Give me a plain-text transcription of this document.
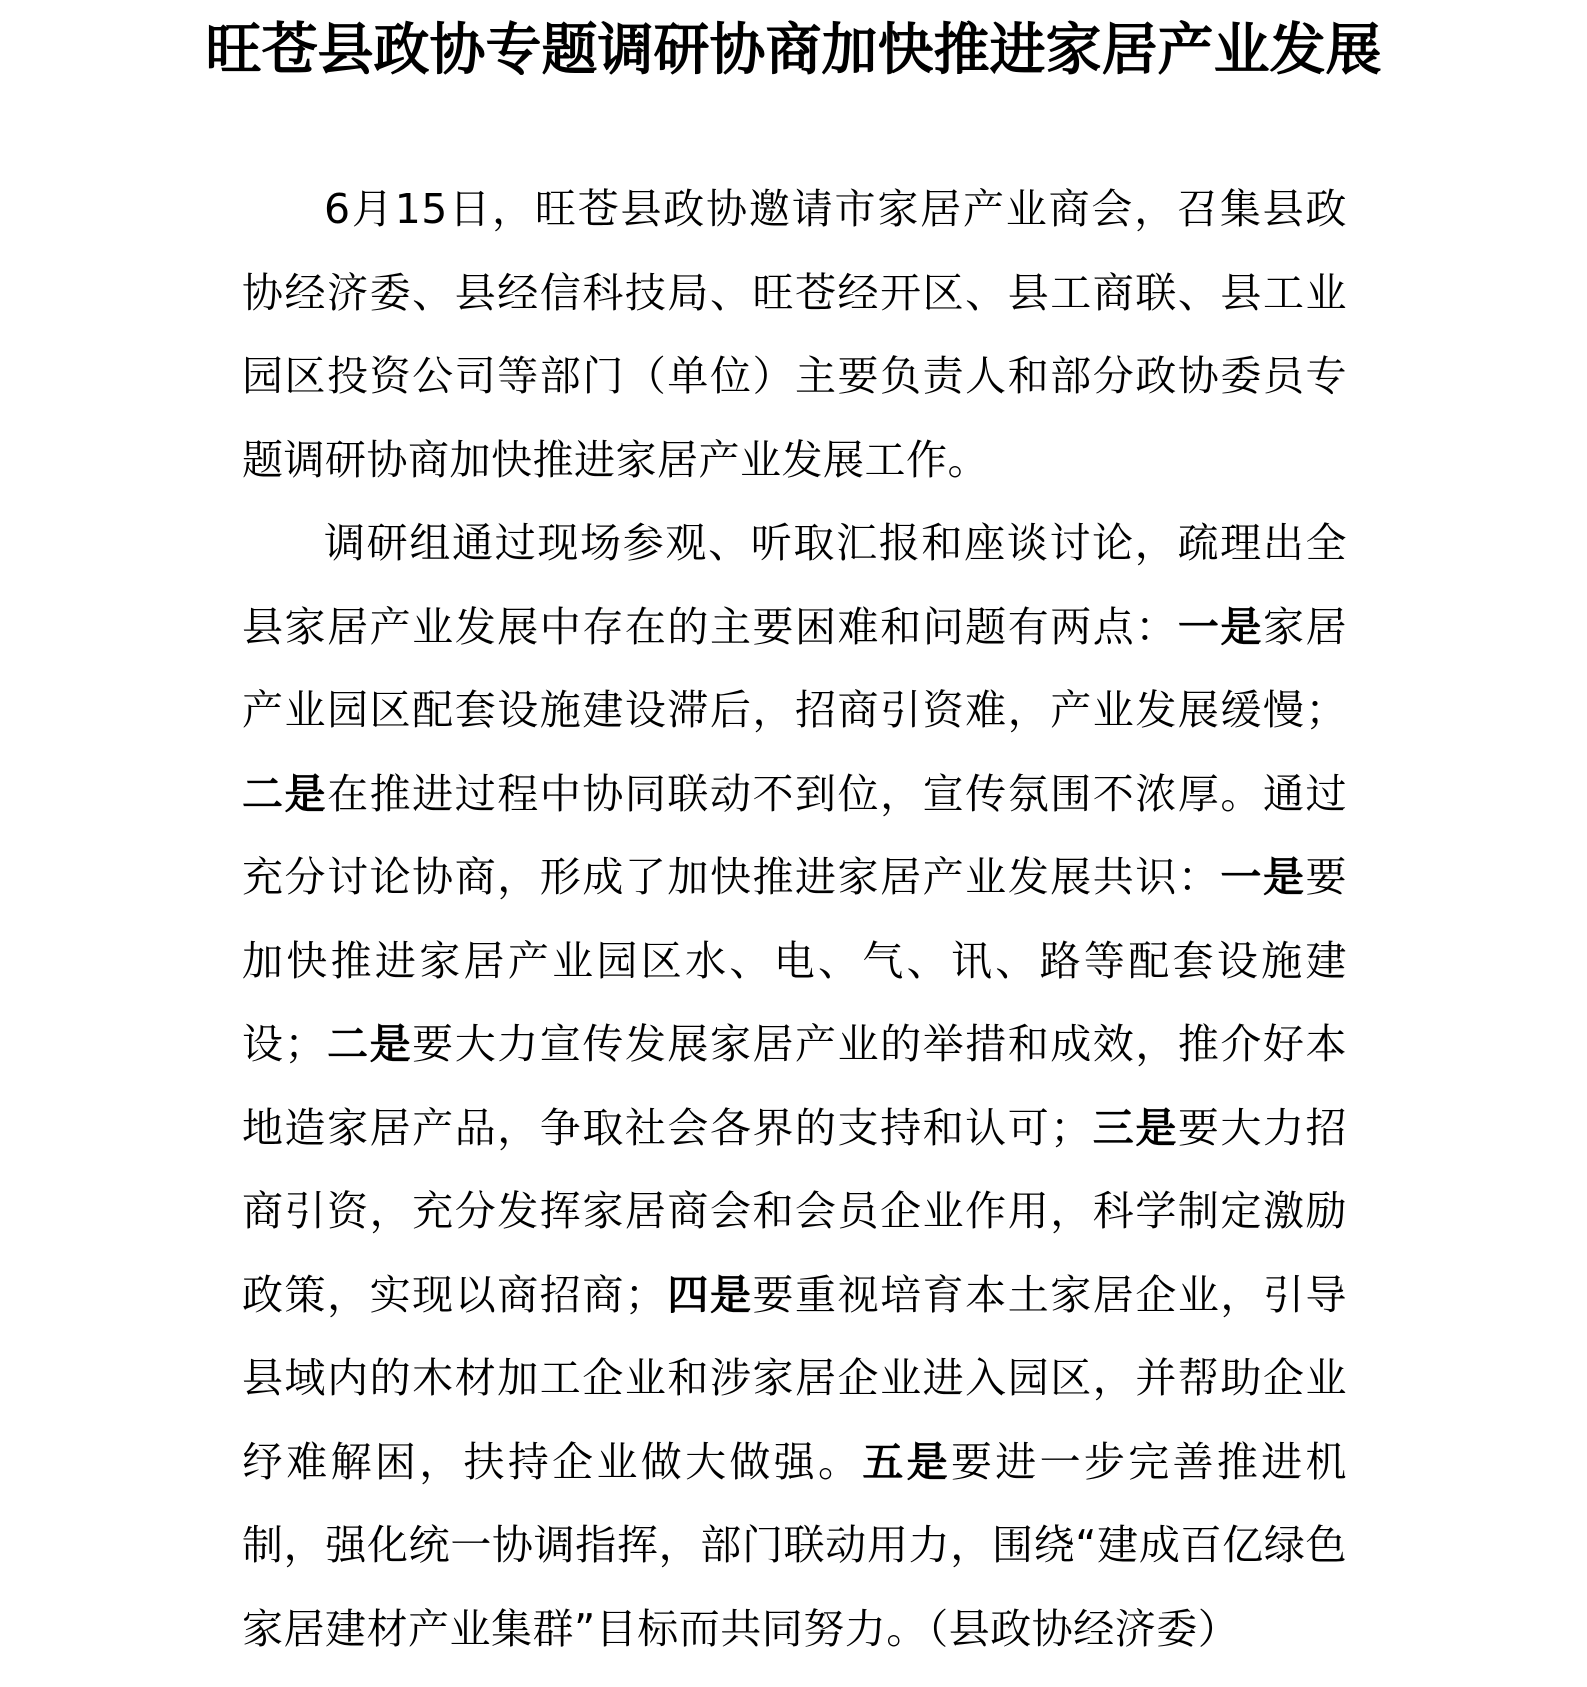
旺苍县政协专题调研协商加快推进家居产业发展

6月15日，旺苍县政协邀请市家居产业商会，召集县政协经济委、县经信科技局、旺苍经开区、县工商联、县工业园区投资公司等部门（单位）主要负责人和部分政协委员专题调研协商加快推进家居产业发展工作。

调研组通过现场参观、听取汇报和座谈讨论，疏理出全县家居产业发展中存在的主要困难和问题有两点：一是家居产业园区配套设施建设滞后，招商引资难，产业发展缓慢；二是在推进过程中协同联动不到位，宣传氛围不浓厚。通过充分讨论协商，形成了加快推进家居产业发展共识：一是要加快推进家居产业园区水、电、气、讯、路等配套设施建设；二是要大力宣传发展家居产业的举措和成效，推介好本地造家居产品，争取社会各界的支持和认可；三是要大力招商引资，充分发挥家居商会和会员企业作用，科学制定激励政策，实现以商招商；四是要重视培育本土家居企业，引导县域内的木材加工企业和涉家居企业进入园区，并帮助企业纾难解困，扶持企业做大做强。五是要进一步完善推进机制，强化统一协调指挥，部门联动用力，围绕“建成百亿绿色家居建材产业集群”目标而共同努力。（县政协经济委）
